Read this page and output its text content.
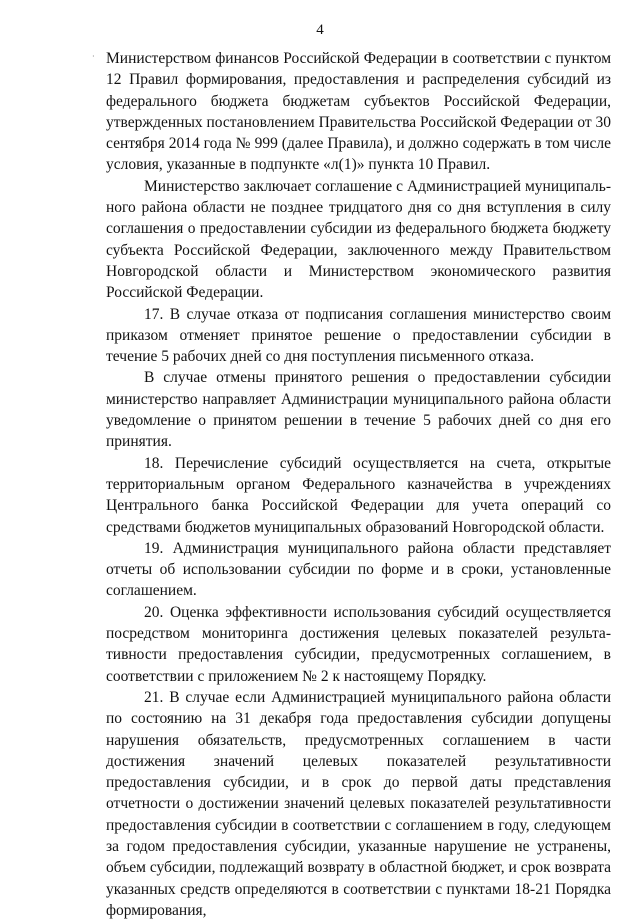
4
· Министерством финансов Российской Федерации в соответствии с пунктом 12 Правил формирования, предоставления и распределения субсидий из федерального бюджета бюджетам субъектов Российской Федерации, утвержденных постановлением Правительства Российской Федерации от 30 сентября 2014 года № 999 (далее Правила), и должно содержать в том числе условия, указанные в подпункте «л(1)» пункта 10 Правил.

Министерство заключает соглашение с Администрацией муниципального района области не позднее тридцатого дня со дня вступления в силу соглашения о предоставлении субсидии из федерального бюджета бюджету субъекта Российской Федерации, заключенного между Правительством Новгородской области и Министерством экономического развития Российской Федерации.

17. В случае отказа от подписания соглашения министерство своим приказом отменяет принятое решение о предоставлении субсидии в течение 5 рабочих дней со дня поступления письменного отказа.

В случае отмены принятого решения о предоставлении субсидии министерство направляет Администрации муниципального района области уведомление о принятом решении в течение 5 рабочих дней со дня его принятия.

18. Перечисление субсидий осуществляется на счета, открытые территориальным органом Федерального казначейства в учреждениях Центрального банка Российской Федерации для учета операций со средствами бюджетов муниципальных образований Новгородской области.

19. Администрация муниципального района области представляет отчеты об использовании субсидии по форме и в сроки, установленные соглашением.

20. Оценка эффективности использования субсидий осуществляется посредством мониторинга достижения целевых показателей результативности предоставления субсидии, предусмотренных соглашением, в соответствии с приложением № 2 к настоящему Порядку.

21. В случае если Администрацией муниципального района области по состоянию на 31 декабря года предоставления субсидии допущены нарушения обязательств, предусмотренных соглашением в части достижения значений целевых показателей результативности предоставления субсидии, и в срок до первой даты представления отчетности о достижении значений целевых показателей результативности предоставления субсидии в соответствии с соглашением в году, следующем за годом предоставления субсидии, указанные нарушение не устранены, объем субсидии, подлежащий возврату в областной бюджет, и срок возврата указанных средств определяются в соответствии с пунктами 18-21 Порядка формирования,
